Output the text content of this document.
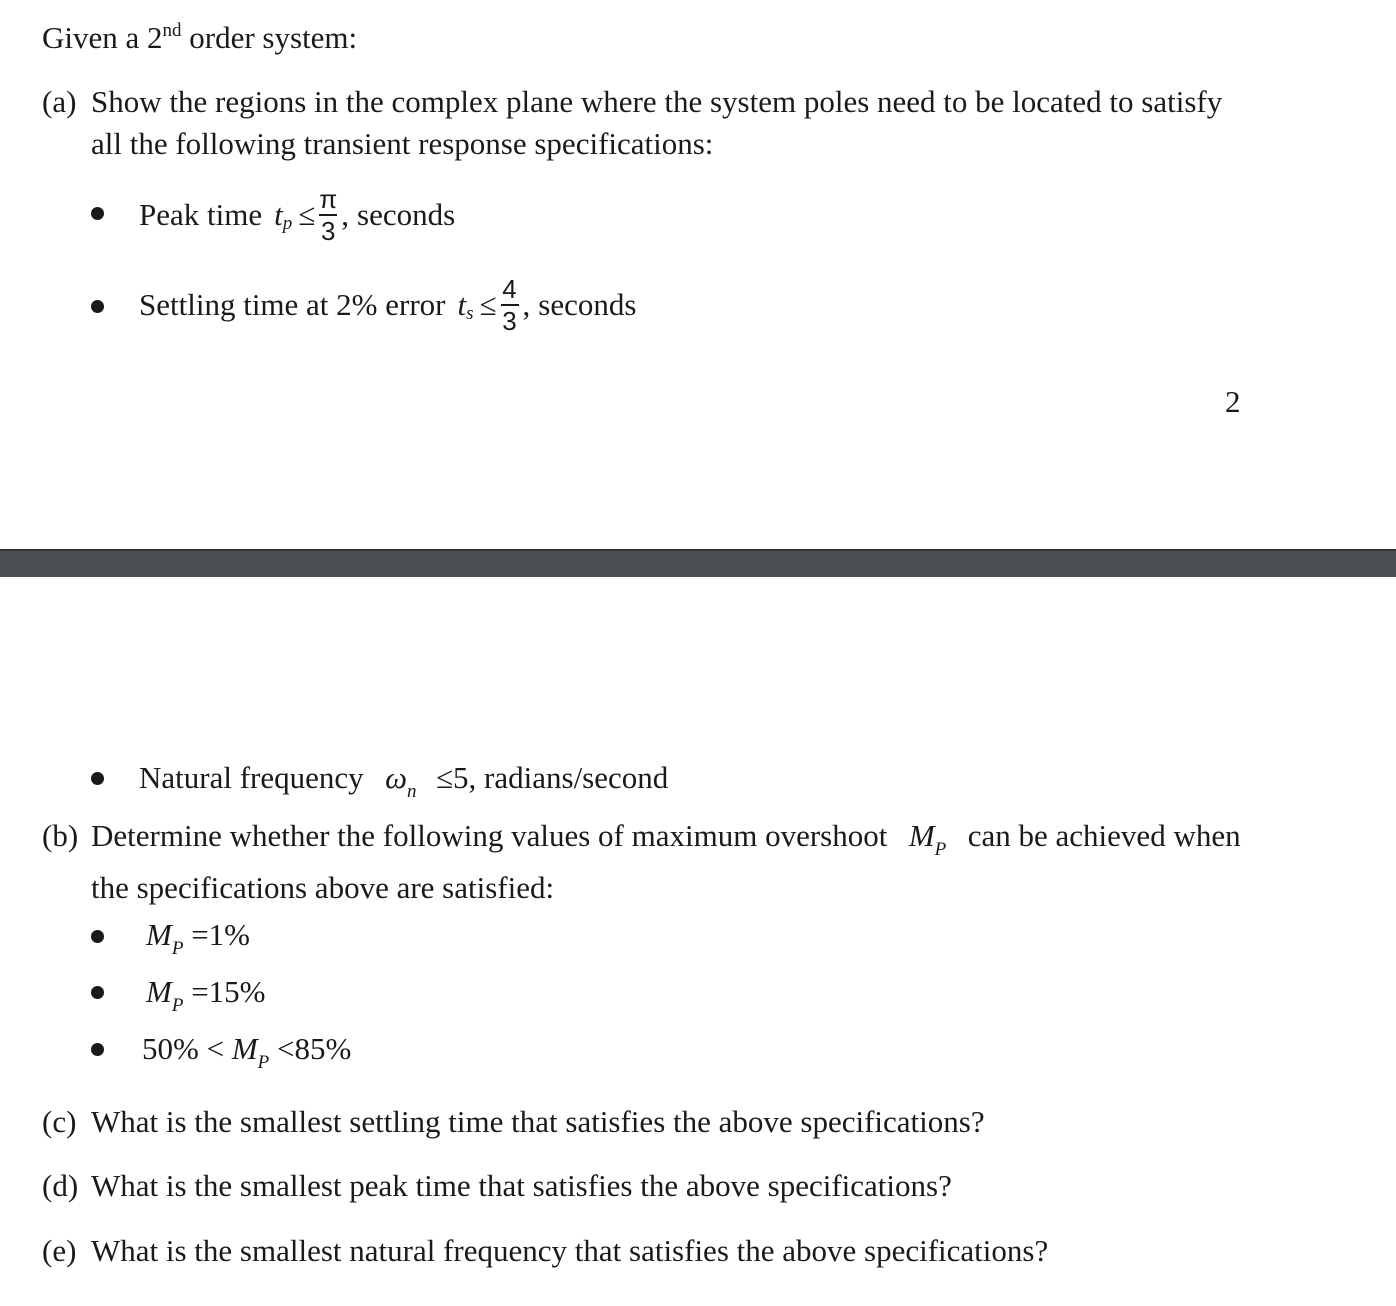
Given a 2nd order system:
(a) Show the regions in the complex plane where the system poles need to be located to satisfy
all the following transient response specifications:
Peak time t $p \le \frac{\pi}{3}$ , seconds
Settling time at 2% error t $s \le \frac{4}{3}$ , seconds
2
Natural frequency $\omega_n \le 5$, radians/second
(b) Determine whether the following values of maximum overshoot $M_P$ can be achieved when
the specifications above are satisfied:
$M_P =1\%$
$M_P =15\%$
$50\% < M_P <85\%$
(c) What is the smallest settling time that satisfies the above specifications?
(d) What is the smallest peak time that satisfies the above specifications?
(e) What is the smallest natural frequency that satisfies the above specifications?
